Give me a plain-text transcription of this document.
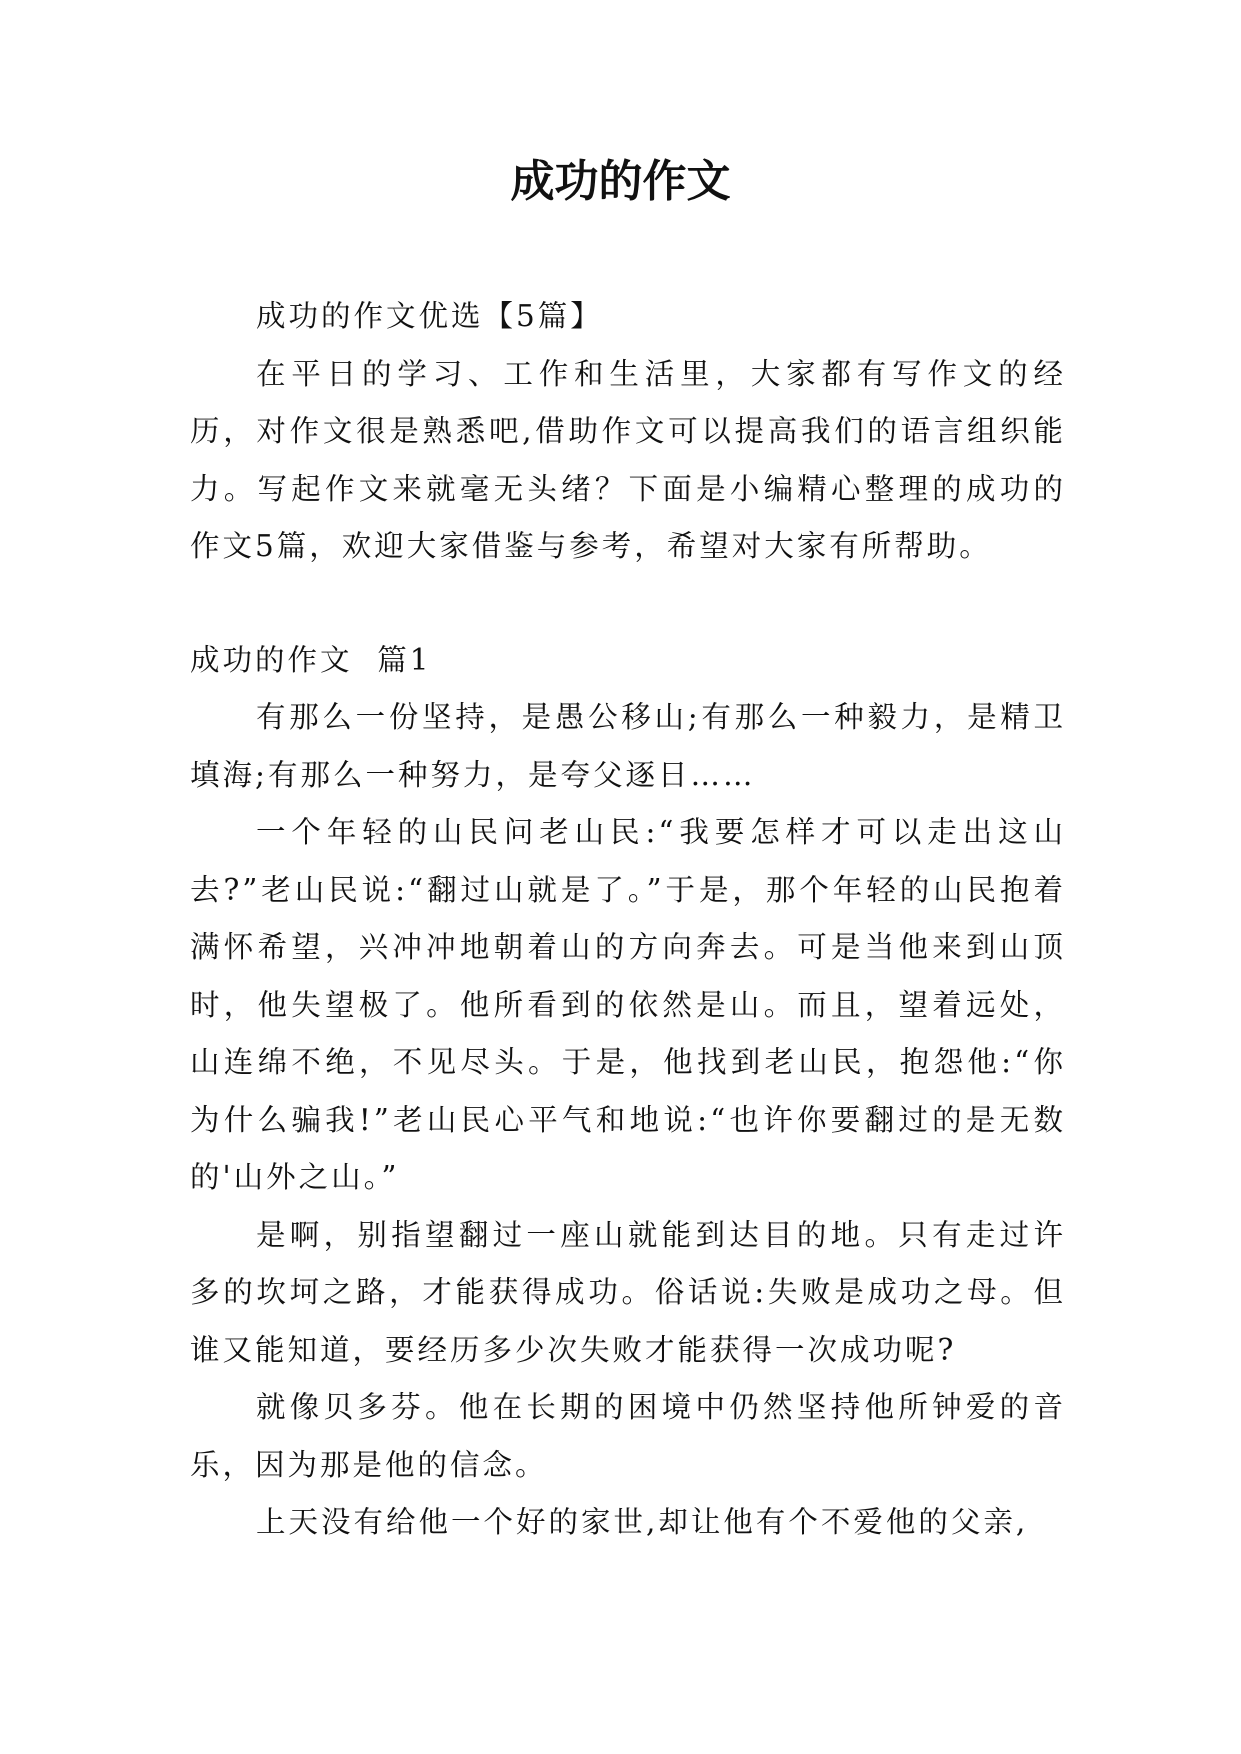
成功的作文

成功的作文优选【5篇】

在平日的学习、工作和生活里，大家都有写作文的经历，对作文很是熟悉吧,借助作文可以提高我们的语言组织能力。写起作文来就毫无头绪？下面是小编精心整理的成功的作文5篇，欢迎大家借鉴与参考，希望对大家有所帮助。

成功的作文  篇1

有那么一份坚持，是愚公移山;有那么一种毅力，是精卫填海;有那么一种努力，是夸父逐日……

一个年轻的山民问老山民:“我要怎样才可以走出这山去?”老山民说:“翻过山就是了。”于是，那个年轻的山民抱着满怀希望，兴冲冲地朝着山的方向奔去。可是当他来到山顶时，他失望极了。他所看到的依然是山。而且，望着远处，山连绵不绝，不见尽头。于是，他找到老山民，抱怨他:“你为什么骗我!”老山民心平气和地说:“也许你要翻过的是无数的'山外之山。”

是啊，别指望翻过一座山就能到达目的地。只有走过许多的坎坷之路，才能获得成功。俗话说:失败是成功之母。但谁又能知道，要经历多少次失败才能获得一次成功呢?

就像贝多芬。他在长期的困境中仍然坚持他所钟爱的音乐，因为那是他的信念。

上天没有给他一个好的家世,却让他有个不爱他的父亲,
